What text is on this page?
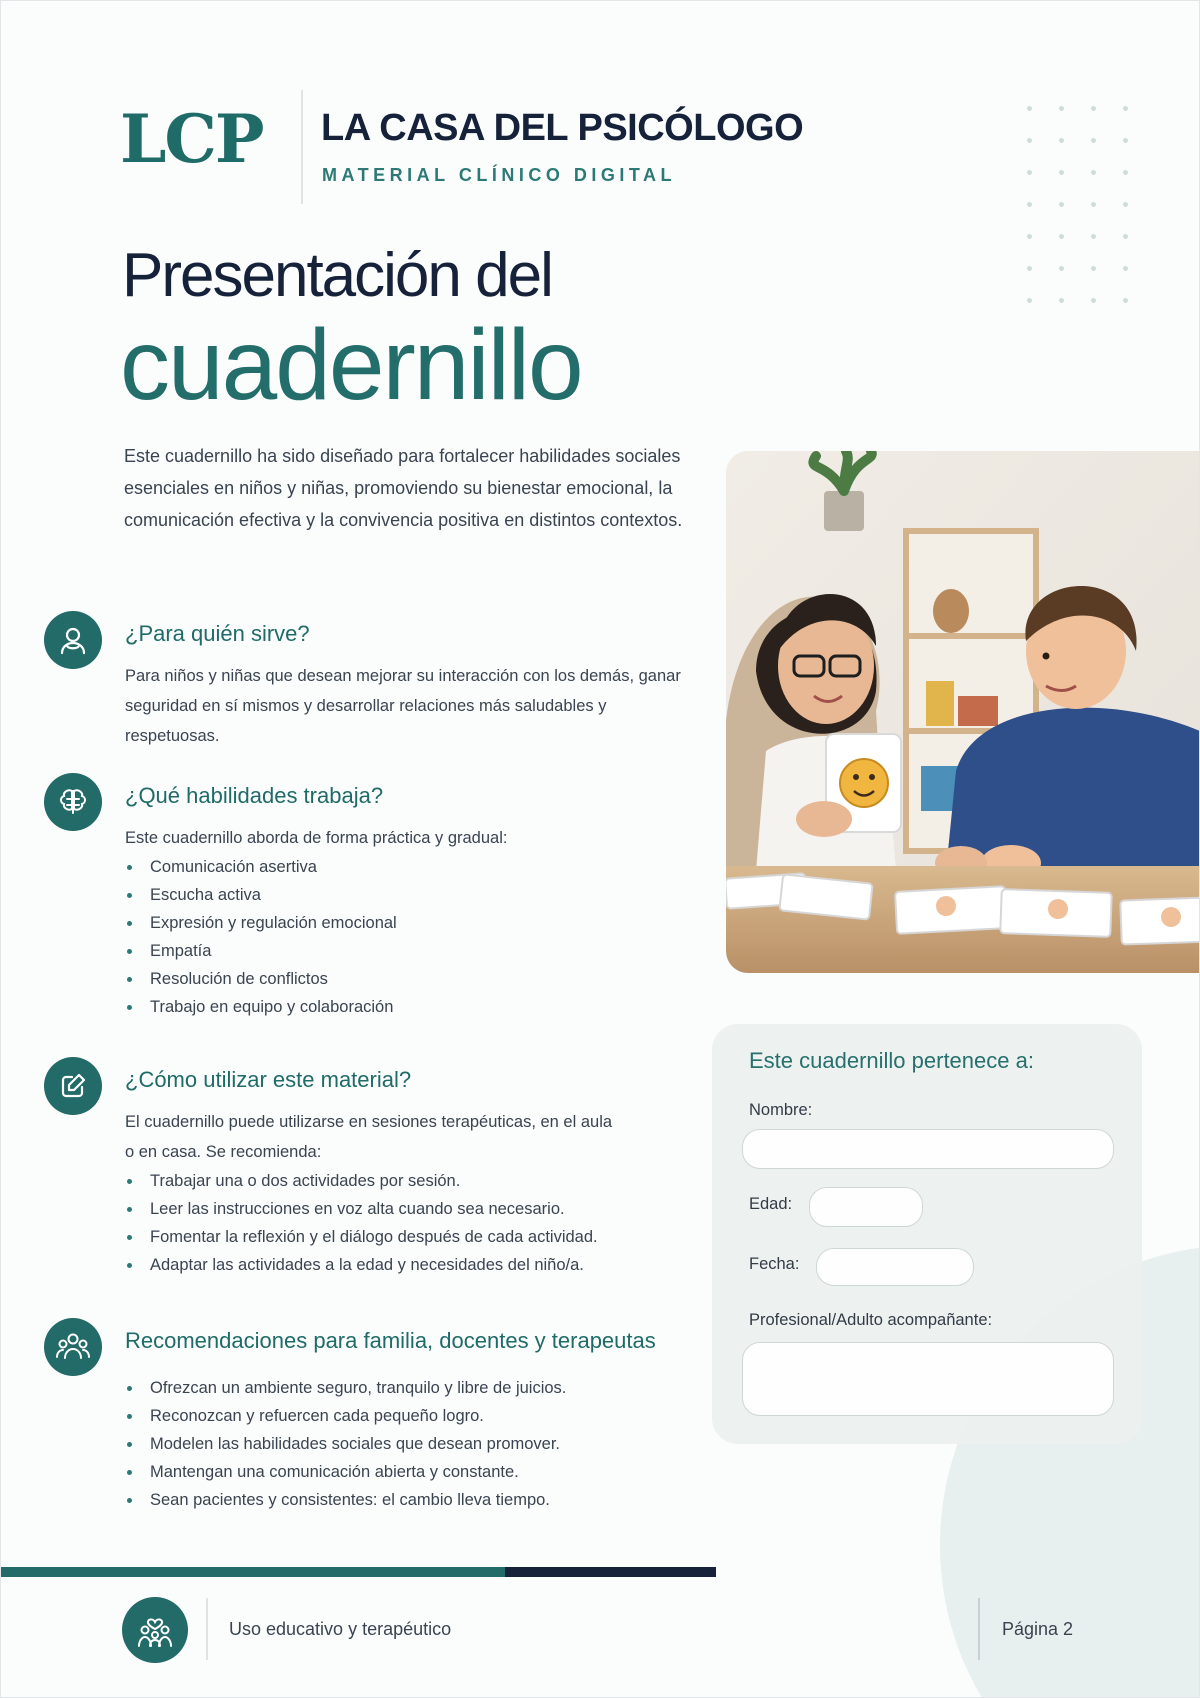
LCP LA CASA DEL PSICÓLOGO
MATERIAL CLÍNICO DIGITAL
Presentación del
cuadernillo

Este cuadernillo ha sido diseñado para fortalecer habilidades sociales esenciales en niños y niñas, promoviendo su bienestar emocional, la comunicación efectiva y la convivencia positiva en distintos contextos.

¿Para quién sirve?

Para niños y niñas que desean mejorar su interacción con los demás, ganar seguridad en sí mismos y desarrollar relaciones más saludables y respetuosas.

¿Qué habilidades trabaja?

Este cuadernillo aborda de forma práctica y gradual:

Comunicación asertiva
Escucha activa
Expresión y regulación emocional
Empatía
Resolución de conflictos
Trabajo en equipo y colaboración
¿Cómo utilizar este material?

El cuadernillo puede utilizarse en sesiones terapéuticas, en el aula o en casa. Se recomienda:

Trabajar una o dos actividades por sesión.
Leer las instrucciones en voz alta cuando sea necesario.
Fomentar la reflexión y el diálogo después de cada actividad.
Adaptar las actividades a la edad y necesidades del niño/a.
Recomendaciones para familia, docentes y terapeutas
Ofrezcan un ambiente seguro, tranquilo y libre de juicios.
Reconozcan y refuercen cada pequeño logro.
Modelen las habilidades sociales que desean promover.
Mantengan una comunicación abierta y constante.
Sean pacientes y consistentes: el cambio lleva tiempo.
Este cuadernillo pertenece a:
Nombre:
Edad:
Fecha:
Profesional/Adulto acompañante:
Uso educativo y terapéutico	Página 2
